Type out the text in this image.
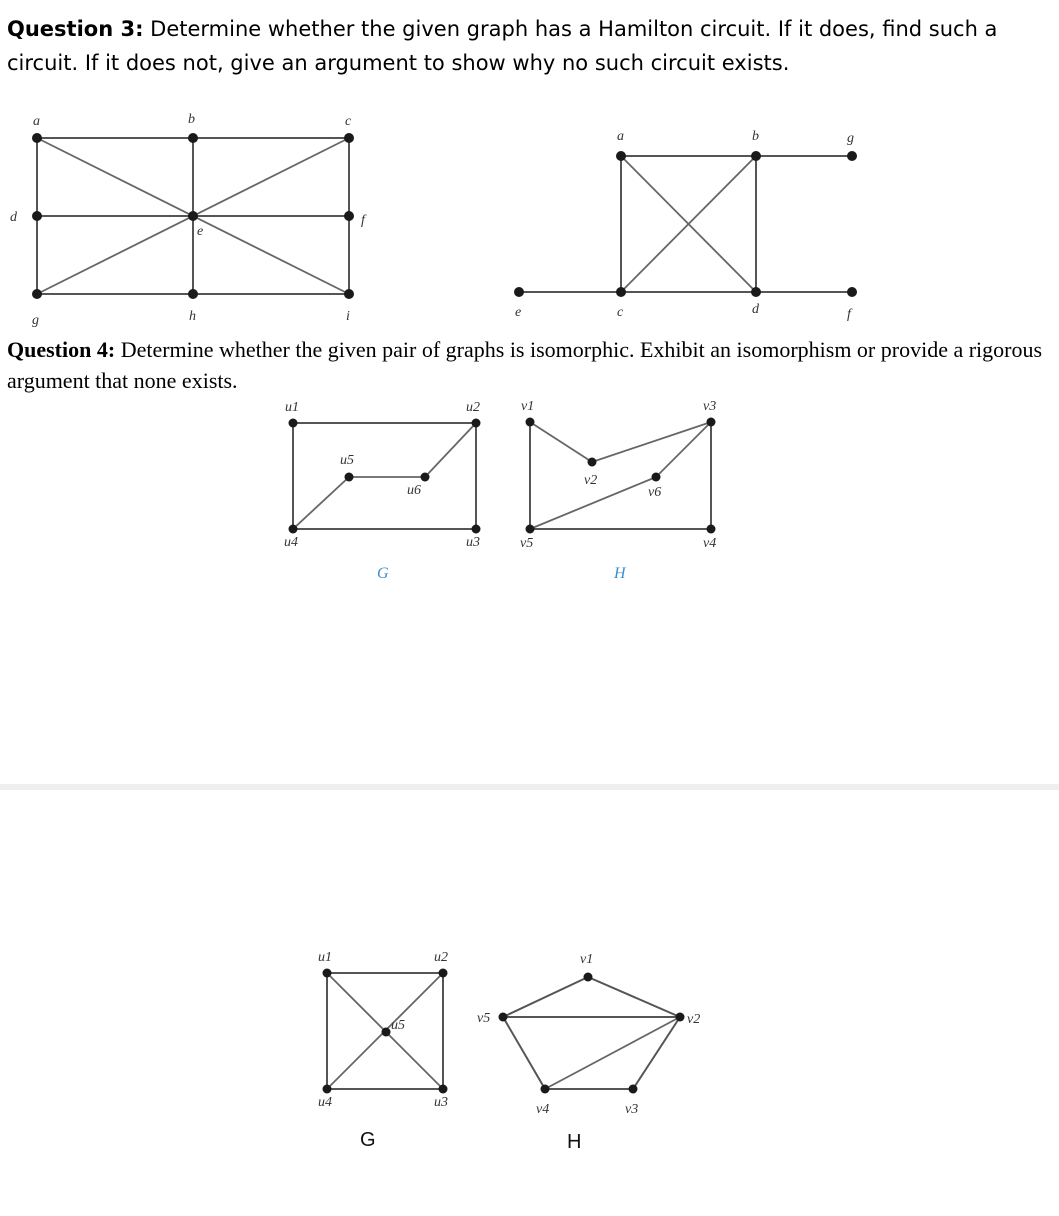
Question 3: Determine whether the given graph has a Hamilton circuit. If it does, find such a circuit. If it does not, give an argument to show why no such circuit exists.
Question 4: Determine whether the given pair of graphs is isomorphic. Exhibit an isomorphism or provide a rigorous argument that none exists.
a	b	c
d
e
f
g	h	i
a	b	g
e	c	d	f
u1	u2
u3
u4
u5
u6
G
v1
v2
v3
v4
v5
v6
H
u1	u2
u3
u4
u5
G
v1
v2
v3
v4
v5
H
